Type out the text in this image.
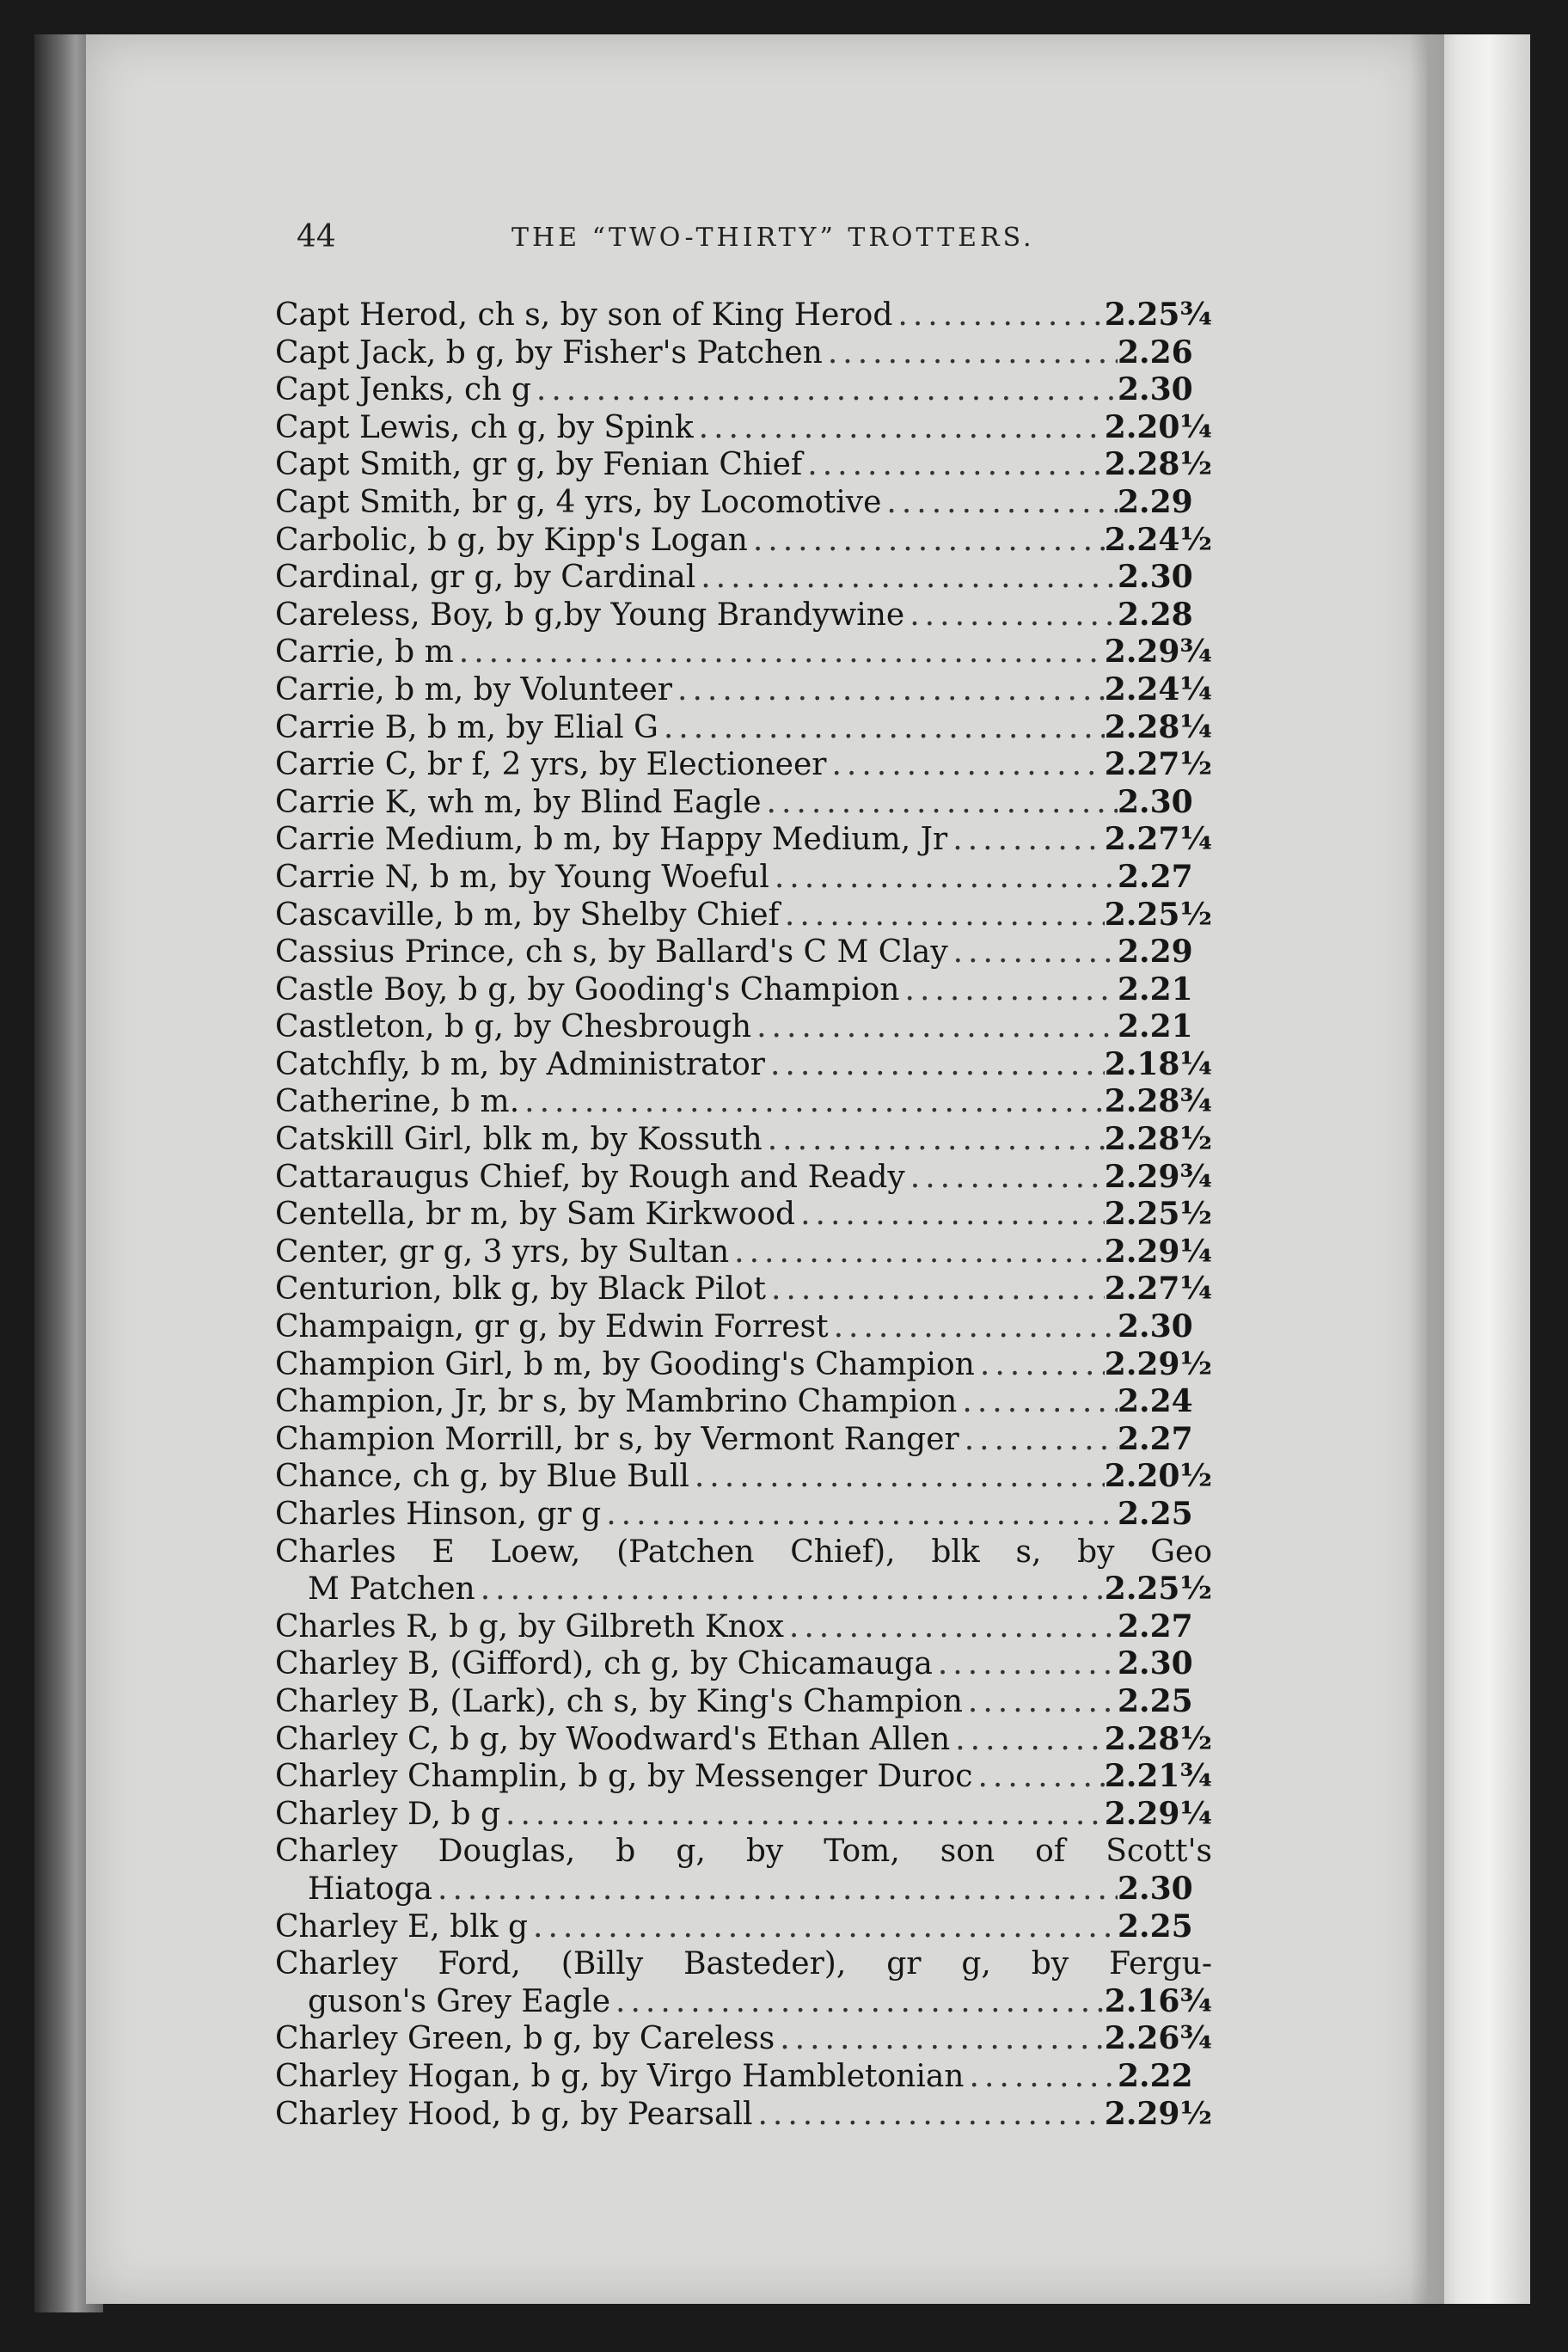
44	THE “TWO-THIRTY” TROTTERS.
Capt Herod, ch s, by son of King Herod .....	2.25¾
Capt Jack, b g, by Fisher's Patchen .....	2.26
Capt Jenks, ch g .....	2.30
Capt Lewis, ch g, by Spink .....	2.20¼
Capt Smith, gr g, by Fenian Chief .....	2.28½
Capt Smith, br g, 4 yrs, by Locomotive .....	2.29
Carbolic, b g, by Kipp's Logan .....	2.24½
Cardinal, gr g, by Cardinal .....	2.30
Careless, Boy, b g,by Young Brandywine .....	2.28
Carrie, b m .....	2.29¾
Carrie, b m, by Volunteer .....	2.24¼
Carrie B, b m, by Elial G .....	2.28¼
Carrie C, br f, 2 yrs, by Electioneer .....	2.27½
Carrie K, wh m, by Blind Eagle .....	2.30
Carrie Medium, b m, by Happy Medium, Jr .....	2.27¼
Carrie N, b m, by Young Woeful .....	2.27
Cascaville, b m, by Shelby Chief .....	2.25½
Cassius Prince, ch s, by Ballard's C M Clay .....	2.29
Castle Boy, b g, by Gooding's Champion .....	2.21
Castleton, b g, by Chesbrough .....	2.21
Catchfly, b m, by Administrator .....	2.18¼
Catherine, b m. .....	2.28¾
Catskill Girl, blk m, by Kossuth .....	2.28½
Cattaraugus Chief, by Rough and Ready .....	2.29¾
Centella, br m, by Sam Kirkwood .....	2.25½
Center, gr g, 3 yrs, by Sultan .....	2.29¼
Centurion, blk g, by Black Pilot .....	2.27¼
Champaign, gr g, by Edwin Forrest .....	2.30
Champion Girl, b m, by Gooding's Champion .....	2.29½
Champion, Jr, br s, by Mambrino Champion .....	2.24
Champion Morrill, br s, by Vermont Ranger .....	2.27
Chance, ch g, by Blue Bull .....	2.20½
Charles Hinson, gr g .....	2.25
Charles E Loew, (Patchen Chief), blk s, by Geo
M Patchen .....	2.25½
Charles R, b g, by Gilbreth Knox .....	2.27
Charley B, (Gifford), ch g, by Chicamauga .....	2.30
Charley B, (Lark), ch s, by King's Champion .....	2.25
Charley C, b g, by Woodward's Ethan Allen .....	2.28½
Charley Champlin, b g, by Messenger Duroc .....	2.21¾
Charley D, b g .....	2.29¼
Charley Douglas, b g, by Tom, son of Scott's
Hiatoga .....	2.30
Charley E, blk g .....	2.25
Charley Ford, (Billy Basteder), gr g, by Fergu-
guson's Grey Eagle .....	2.16¾
Charley Green, b g, by Careless .....	2.26¾
Charley Hogan, b g, by Virgo Hambletonian .....	2.22
Charley Hood, b g, by Pearsall .....	2.29½
